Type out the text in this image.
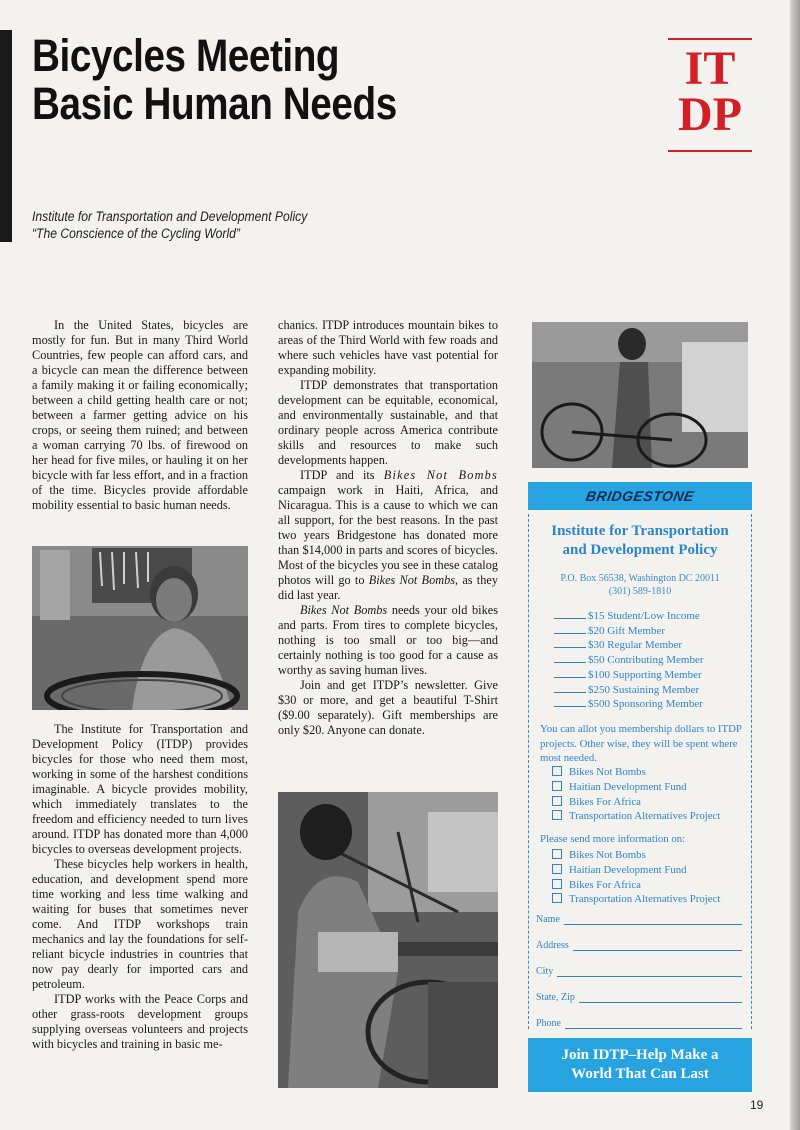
Bicycles Meeting
Basic Human Needs
IT
DP
Institute for Transportation and Development Policy
“The Conscience of the Cycling World”

In the United States, bicycles are mostly for fun. But in many Third World Countries, few people can afford cars, and a bicycle can mean the difference between a family making it or failing economically; between a child getting health care or not; between a farmer getting advice on his crops, or seeing them ruined; and between a woman carrying 70 lbs. of firewood on her head for five miles, or hauling it on her bicycle with far less effort, and in a fraction of the time. Bicycles provide affordable mobility essential to basic human needs.

The Institute for Transportation and Development Policy (ITDP) provides bicycles for those who need them most, working in some of the harshest conditions imaginable. A bicycle provides mobility, which immediately translates to the freedom and efficiency needed to turn lives around. ITDP has donated more than 4,000 bicycles to overseas development projects.

These bicycles help workers in health, education, and development spend more time working and less time walking and waiting for buses that sometimes never come. And ITDP workshops train mechanics and lay the foundations for self-reliant bicycle industries in countries that now pay dearly for imported cars and petroleum.

ITDP works with the Peace Corps and other grass-roots development groups supplying overseas volunteers and projects with bicycles and training in basic me-

chanics. ITDP introduces mountain bikes to areas of the Third World with few roads and where such vehicles have vast potential for expanding mobility.

ITDP demonstrates that transportation development can be equitable, economical, and environmentally sustainable, and that ordinary people across America contribute skills and resources to make such developments happen.

ITDP and its Bikes Not Bombs campaign work in Haiti, Africa, and Nicaragua. This is a cause to which we can all support, for the best reasons. In the past two years Bridgestone has donated more than $14,000 in parts and scores of bicycles. Most of the bicycles you see in these catalog photos will go to Bikes Not Bombs, as they did last year.

Bikes Not Bombs needs your old bikes and parts. From tires to complete bicycles, nothing is too small or too big—and certainly nothing is too good for a cause as worthy as saving human lives.

Join and get ITDP’s newsletter. Give $30 or more, and get a beautiful T-Shirt ($9.00 separately). Gift memberships are only $20. Anyone can donate.

BRIDGESTONE
Institute for Transportation
and Development Policy
P.O. Box 56538, Washington DC 20011
(301) 589-1810
$15 Student/Low Income
$20 Gift Member
$30 Regular Member
$50 Contributing Member
$100 Supporting Member
$250 Sustaining Member
$500 Sponsoring Member
You can allot you membership dollars to ITDP projects. Other wise, they will be spent where most needed.
Bikes Not Bombs
Haitian Development Fund
Bikes For Africa
Transportation Alternatives Project
Please send more information on:
Bikes Not Bombs
Haitian Development Fund
Bikes For Africa
Transportation Alternatives Project
Name
Address
City
State, Zip
Phone
Join IDTP–Help Make a
World That Can Last
19
